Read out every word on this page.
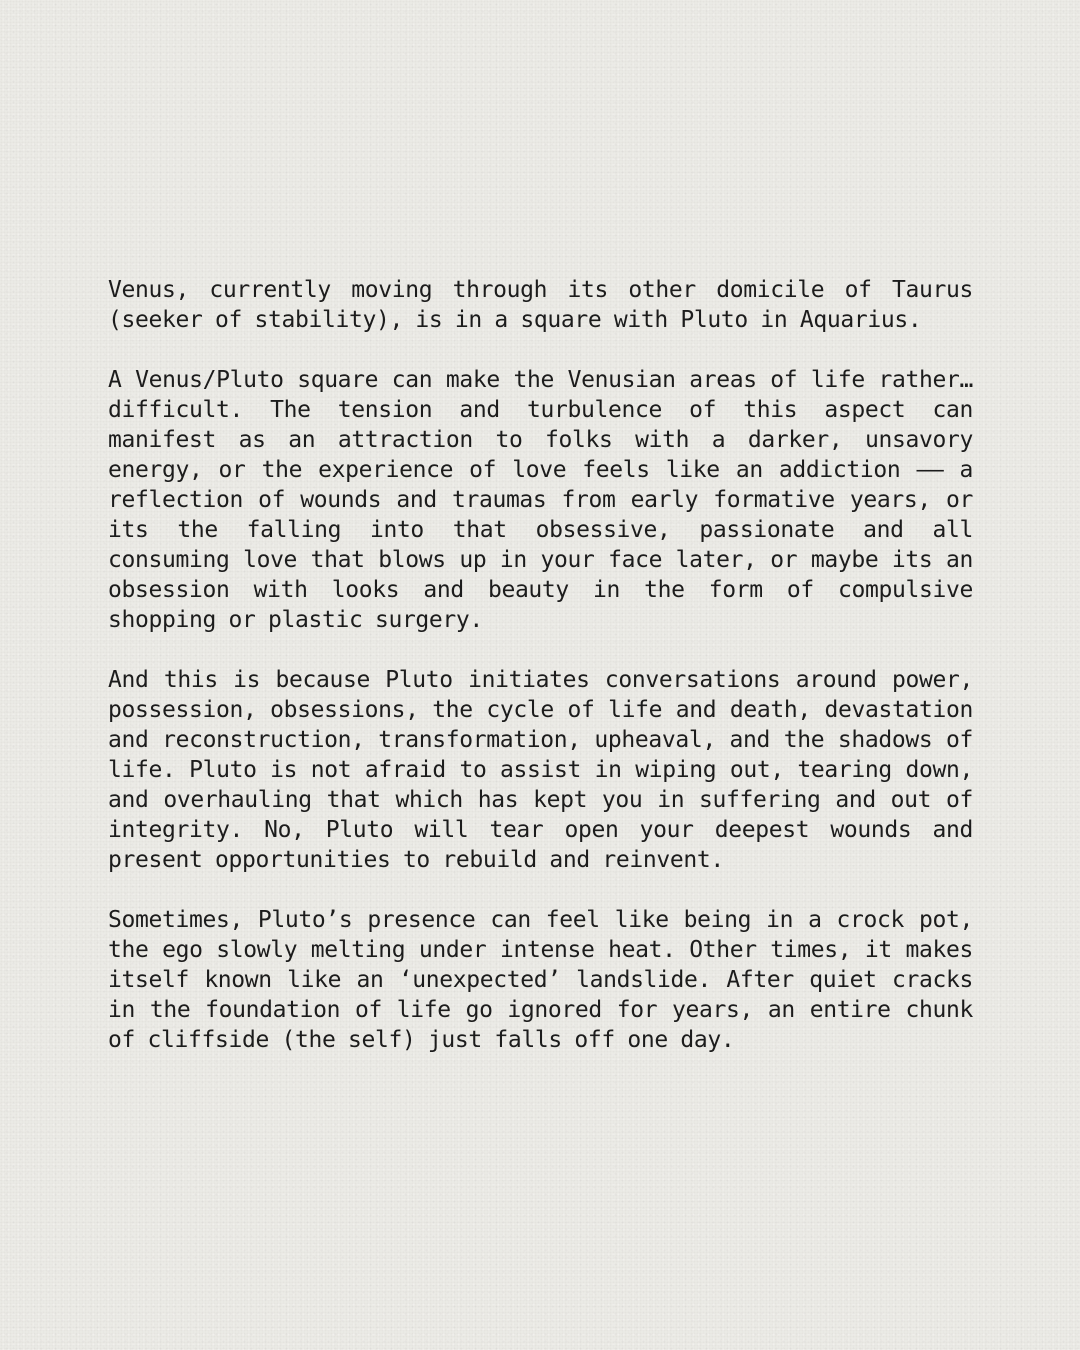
Venus, currently moving through its other domicile of Taurus (seeker of stability), is in a square with Pluto in Aquarius.

A Venus/Pluto square can make the Venusian areas of life rather… difficult. The tension and turbulence of this aspect can manifest as an attraction to folks with a darker, unsavory energy, or the experience of love feels like an addiction —— a reflection of wounds and traumas from early formative years, or its the falling into that obsessive, passionate and all consuming love that blows up in your face later, or maybe its an obsession with looks and beauty in the form of compulsive shopping or plastic surgery.

And this is because Pluto initiates conversations around power, possession, obsessions, the cycle of life and death, devastation and reconstruction, transformation, upheaval, and the shadows of life. Pluto is not afraid to assist in wiping out, tearing down, and overhauling that which has kept you in suffering and out of integrity. No, Pluto will tear open your deepest wounds and present opportunities to rebuild and reinvent.

Sometimes, Pluto’s presence can feel like being in a crock pot, the ego slowly melting under intense heat. Other times, it makes itself known like an ‘unexpected’ landslide. After quiet cracks in the foundation of life go ignored for years, an entire chunk of cliffside (the self) just falls off one day.
